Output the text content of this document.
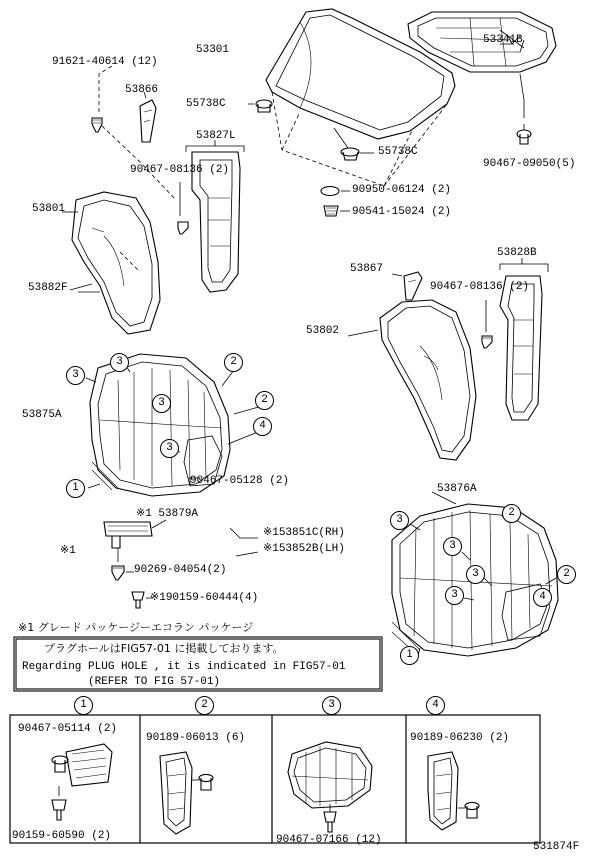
91621-40614 (12)
53866
53301
55738C
53341B
55738C
90467-09050(5)
53827L
90467-08136 (2)
90950-06124 (2)
90541-15024 (2)
53801
53882F
53867
53828B
90467-08136 (2)
53802
53875A
90467-05128 (2)
※1 53879A
※1
※153851C(RH)
※153852B(LH)
90269-04054(2)
※190159-60444(4)
53876A
531874F
3
3
3
3
2
2
4
1
3
2
3
3
3
2
4
1
※1 グレード パッケージーエコラン パッケージ
プラグホールはFIG57-01 に掲載しております。
Regarding PLUG HOLE , it is indicated in FIG57-01
(REFER TO FIG 57-01)
1	2	3	4
90467-05114 (2)
90159-60590 (2)
90189-06013 (6)
90467-07166 (12)
90189-06230 (2)
